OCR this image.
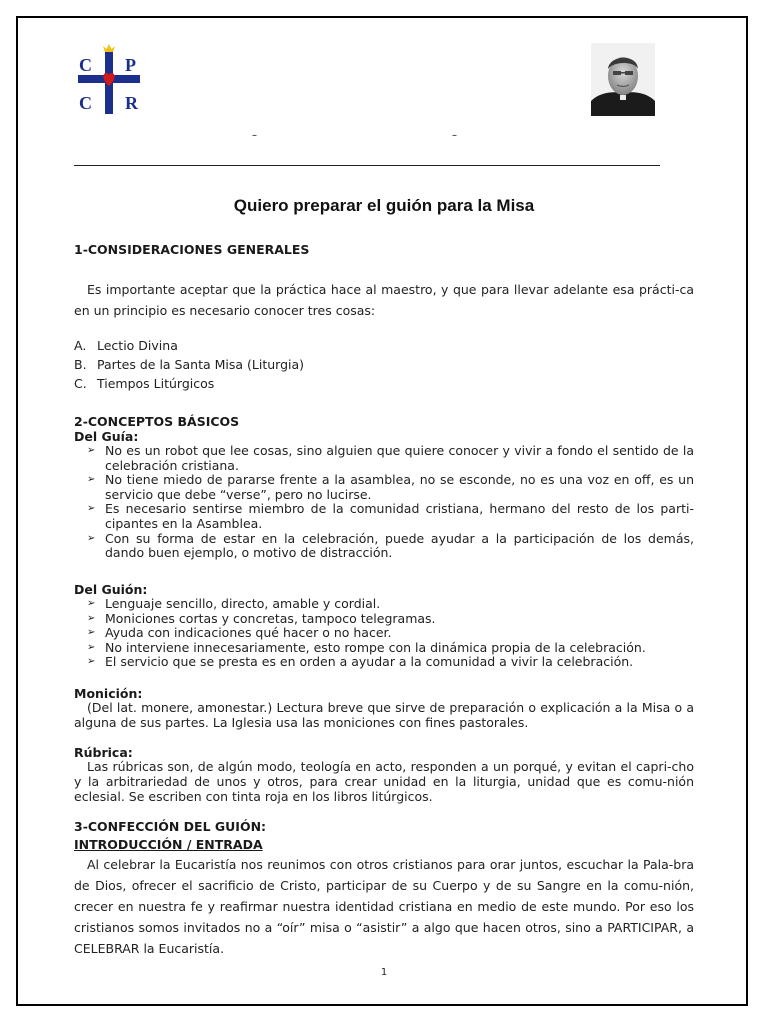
C P
C R
–	–
Quiero preparar el guión para la Misa
1-CONSIDERACIONES GENERALES
Es importante aceptar que la práctica hace al maestro, y que para llevar adelante esa prácti-ca en un principio es necesario conocer tres cosas:
A. Lectio Divina
B. Partes de la Santa Misa (Liturgia)
C. Tiempos Litúrgicos
2-CONCEPTOS BÁSICOS
Del Guía:
➢ No es un robot que lee cosas, sino alguien que quiere conocer y vivir a fondo el sentido de la celebración cristiana.
➢ No tiene miedo de pararse frente a la asamblea, no se esconde, no es una voz en off, es un servicio que debe “verse”, pero no lucirse.
➢ Es necesario sentirse miembro de la comunidad cristiana, hermano del resto de los parti-cipantes en la Asamblea.
➢ Con su forma de estar en la celebración, puede ayudar a la participación de los demás, dando buen ejemplo, o motivo de distracción.
Del Guión:
➢ Lenguaje sencillo, directo, amable y cordial.
➢ Moniciones cortas y concretas, tampoco telegramas.
➢ Ayuda con indicaciones qué hacer o no hacer.
➢ No interviene innecesariamente, esto rompe con la dinámica propia de la celebración.
➢ El servicio que se presta es en orden a ayudar a la comunidad a vivir la celebración.
Monición:
(Del lat. monere, amonestar.) Lectura breve que sirve de preparación o explicación a la Misa o a alguna de sus partes. La Iglesia usa las moniciones con fines pastorales.
Rúbrica:
Las rúbricas son, de algún modo, teología en acto, responden a un porqué, y evitan el capri-cho y la arbitrariedad de unos y otros, para crear unidad en la liturgia, unidad que es comu-nión eclesial. Se escriben con tinta roja en los libros litúrgicos.
3-CONFECCIÓN DEL GUIÓN:
INTRODUCCIÓN / ENTRADA
Al celebrar la Eucaristía nos reunimos con otros cristianos para orar juntos, escuchar la Pala-bra de Dios, ofrecer el sacrificio de Cristo, participar de su Cuerpo y de su Sangre en la comu-nión, crecer en nuestra fe y reafirmar nuestra identidad cristiana en medio de este mundo. Por eso los cristianos somos invitados no a “oír” misa o “asistir” a algo que hacen otros, sino a PARTICIPAR, a CELEBRAR la Eucaristía.
1
